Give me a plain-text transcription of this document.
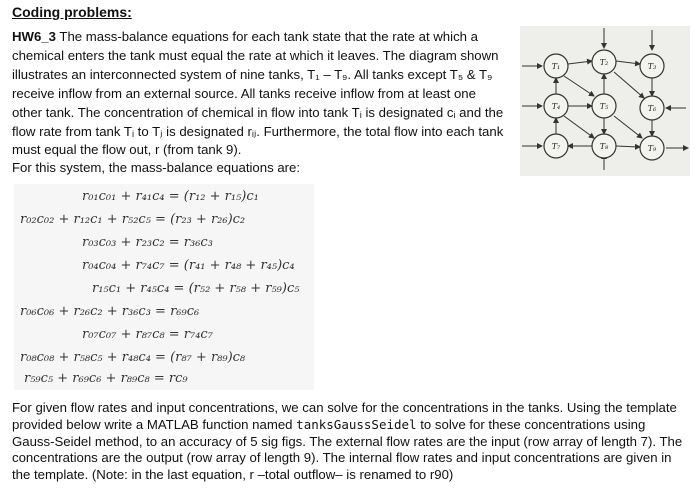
Coding problems:

HW6_3 The mass-balance equations for each tank state that the rate at which a chemical enters the tank must equal the rate at which it leaves. The diagram shown illustrates an interconnected system of nine tanks, T₁ – T₉. All tanks except T₅ & T₉ receive inflow from an external source. All tanks receive inflow from at least one other tank. The concentration of chemical in flow into tank Tᵢ is designated cᵢ and the flow rate from tank Tᵢ to Tⱼ is designated rᵢⱼ. Furthermore, the total flow into each tank must equal the flow out, r (from tank 9).

For this system, the mass-balance equations are:

r₀₁c₀₁ + r₄₁c₄ = (r₁₂ + r₁₅)c₁
r₀₂c₀₂ + r₁₂c₁ + r₅₂c₅ = (r₂₃ + r₂₆)c₂
r₀₃c₀₃ + r₂₃c₂ = r₃₆c₃
r₀₄c₀₄ + r₇₄c₇ = (r₄₁ + r₄₈ + r₄₅)c₄
r₁₅c₁ + r₄₅c₄ = (r₅₂ + r₅₈ + r₅₉)c₅
r₀₆c₀₆ + r₂₆c₂ + r₃₆c₃ = r₆₉c₆
r₀₇c₀₇ + r₈₇c₈ = r₇₄c₇
r₀₈c₀₈ + r₅₈c₅ + r₄₈c₄ = (r₈₇ + r₈₉)c₈
r₅₉c₅ + r₆₉c₆ + r₈₉c₈ = rc₉

For given flow rates and input concentrations, we can solve for the concentrations in the tanks. Using the template provided below write a MATLAB function named tanksGaussSeidel to solve for these concentrations using Gauss-Seidel method, to an accuracy of 5 sig figs. The external flow rates are the input (row array of length 7). The concentrations are the output (row array of length 9). The internal flow rates and input concentrations are given in the template. (Note: in the last equation, r –total outflow– is renamed to r90)

T₁	T₂	T₃
T₄	T₅	T₆
T₇	T₈	T₉
